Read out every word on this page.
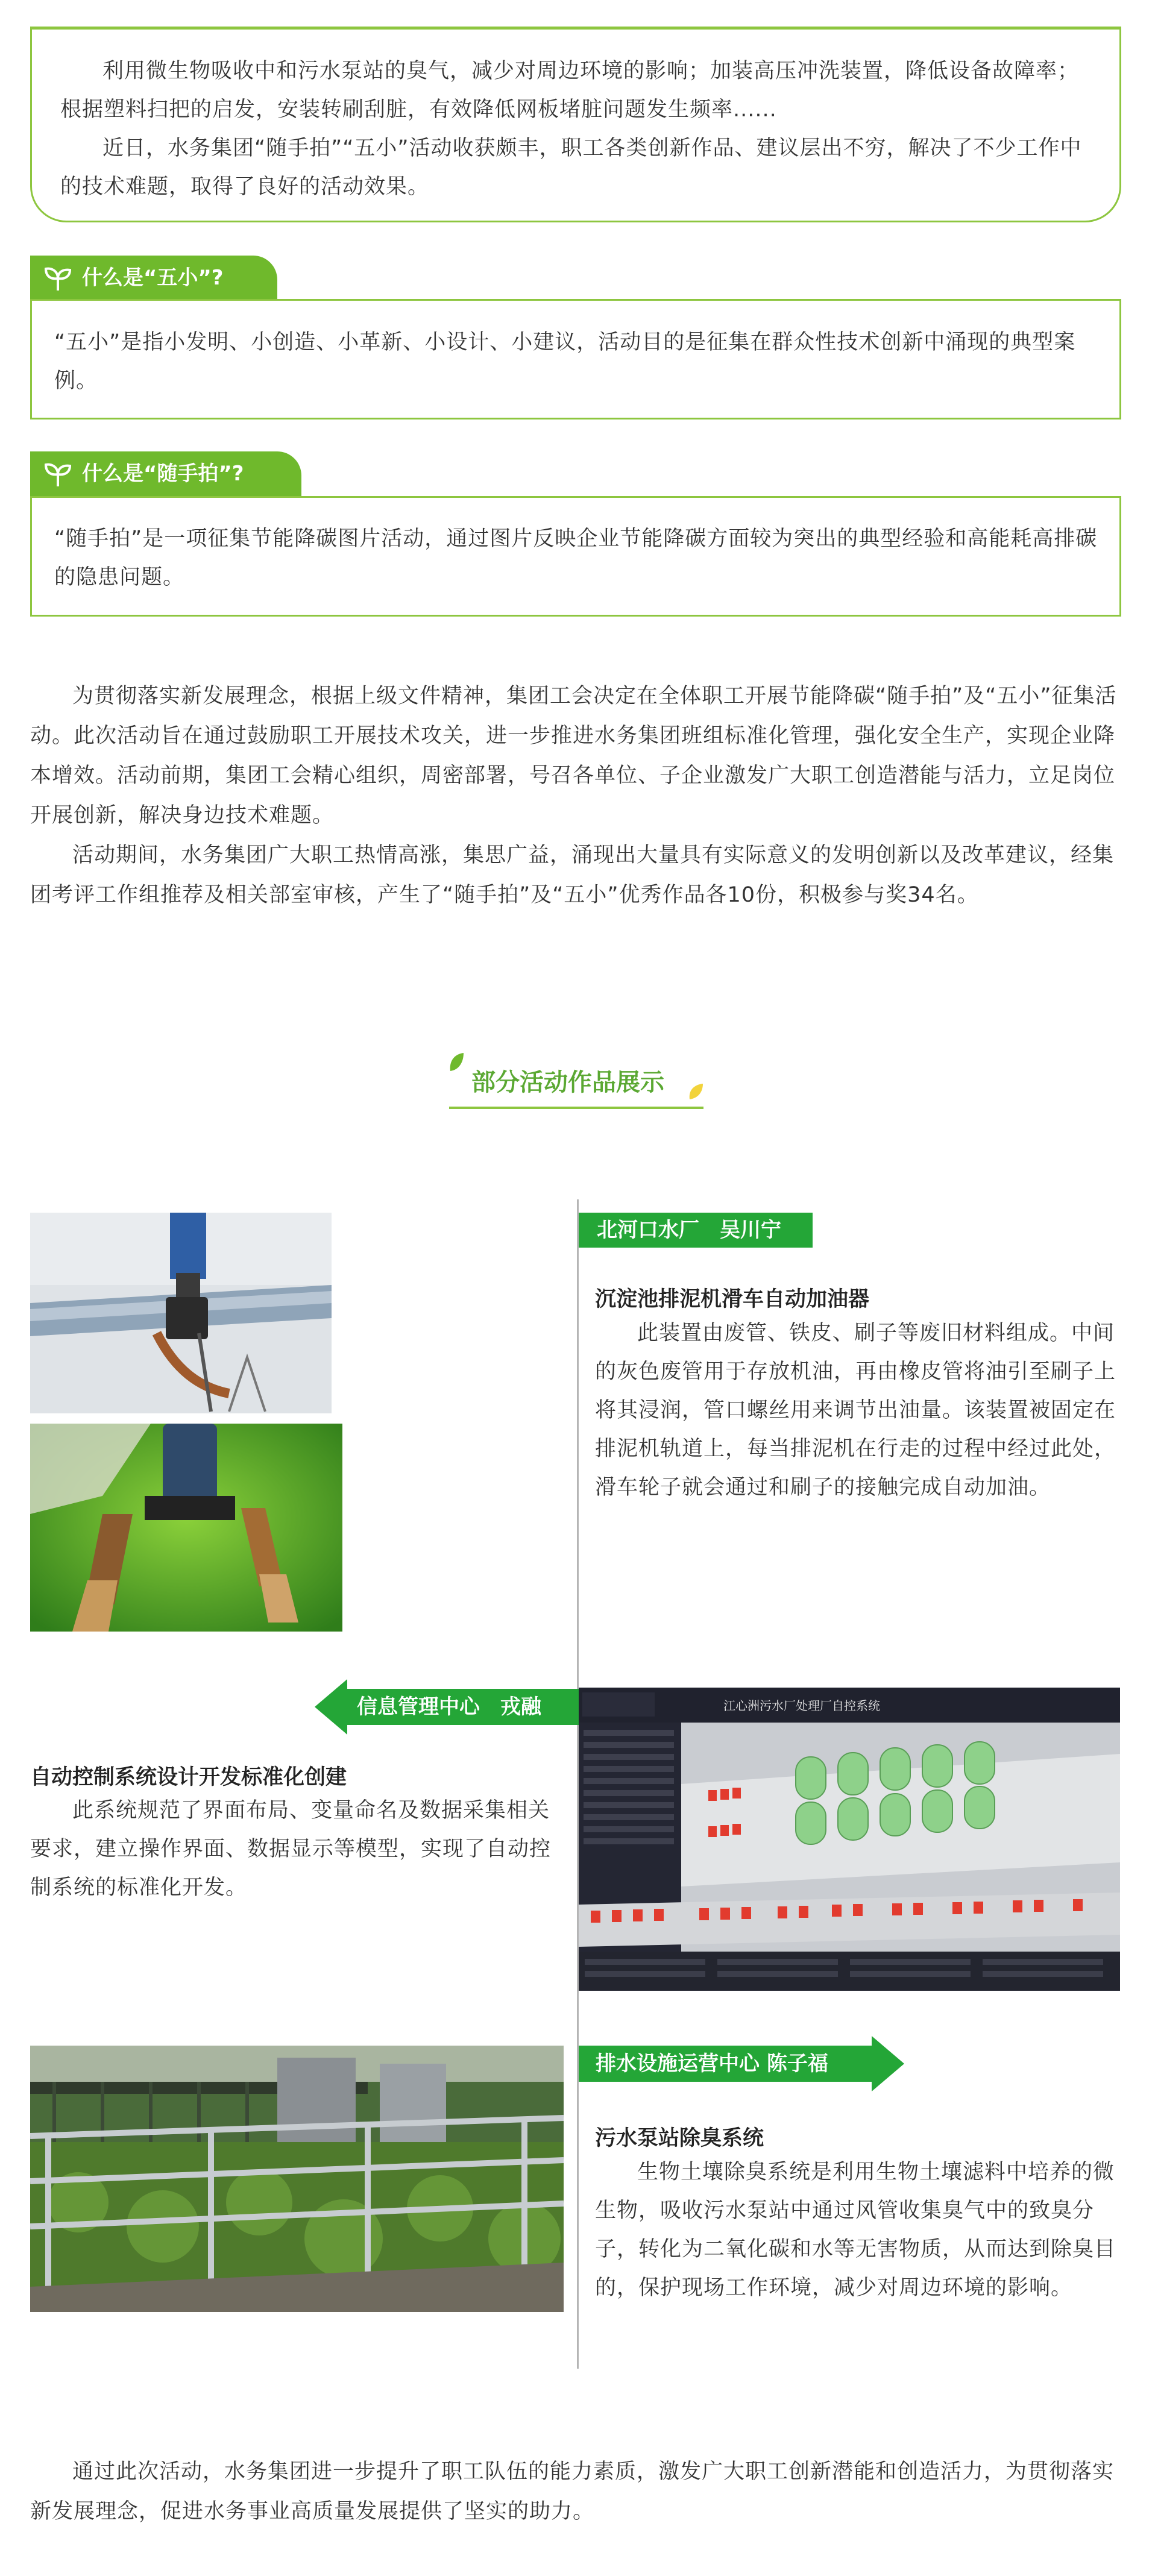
利用微生物吸收中和污水泵站的臭气，减少对周边环境的影响；加装高压冲洗装置，降低设备故障率；根据塑料扫把的启发，安装转刷刮脏，有效降低网板堵脏问题发生频率......

近日，水务集团“随手拍”“五小”活动收获颇丰，职工各类创新作品、建议层出不穷，解决了不少工作中的技术难题，取得了良好的活动效果。

什么是“五小”?

“五小”是指小发明、小创造、小革新、小设计、小建议，活动目的是征集在群众性技术创新中涌现的典型案例。

什么是“随手拍”?

“随手拍”是一项征集节能降碳图片活动，通过图片反映企业节能降碳方面较为突出的典型经验和高能耗高排碳的隐患问题。

为贯彻落实新发展理念，根据上级文件精神，集团工会决定在全体职工开展节能降碳“随手拍”及“五小”征集活动。此次活动旨在通过鼓励职工开展技术攻关，进一步推进水务集团班组标准化管理，强化安全生产，实现企业降本增效。活动前期，集团工会精心组织，周密部署，号召各单位、子企业激发广大职工创造潜能与活力，立足岗位开展创新，解决身边技术难题。

活动期间，水务集团广大职工热情高涨，集思广益，涌现出大量具有实际意义的发明创新以及改革建议，经集团考评工作组推荐及相关部室审核，产生了“随手拍”及“五小”优秀作品各10份，积极参与奖34名。

部分活动作品展示
北河口水厂　吴川宁
沉淀池排泥机滑车自动加油器

此装置由废管、铁皮、刷子等废旧材料组成。中间的灰色废管用于存放机油，再由橡皮管将油引至刷子上将其浸润，管口螺丝用来调节出油量。该装置被固定在排泥机轨道上，每当排泥机在行走的过程中经过此处，滑车轮子就会通过和刷子的接触完成自动加油。

信息管理中心　戎融
自动控制系统设计开发标准化创建

此系统规范了界面布局、变量命名及数据采集相关要求，建立操作界面、数据显示等模型，实现了自动控制系统的标准化开发。

江心洲污水厂处理厂自控系统
排水设施运营中心 陈子福
污水泵站除臭系统

生物土壤除臭系统是利用生物土壤滤料中培养的微生物，吸收污水泵站中通过风管收集臭气中的致臭分子，转化为二氧化碳和水等无害物质，从而达到除臭目的，保护现场工作环境，减少对周边环境的影响。

通过此次活动，水务集团进一步提升了职工队伍的能力素质，激发广大职工创新潜能和创造活力，为贯彻落实新发展理念，促进水务事业高质量发展提供了坚实的助力。
